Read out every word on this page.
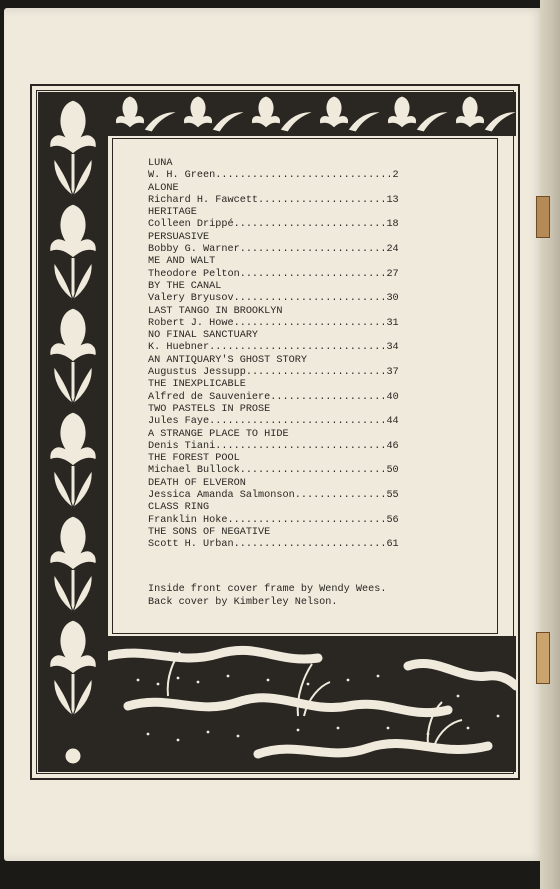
LUNA
W. H. Green.............................2
ALONE
Richard H. Fawcett.....................13
HERITAGE
Colleen Drippé.........................18
PERSUASIVE
Bobby G. Warner........................24
ME AND WALT
Theodore Pelton........................27
BY THE CANAL
Valery Bryusov.........................30
LAST TANGO IN BROOKLYN
Robert J. Howe.........................31
NO FINAL SANCTUARY
K. Huebner.............................34
AN ANTIQUARY'S GHOST STORY
Augustus Jessupp.......................37
THE INEXPLICABLE
Alfred de Sauveniere...................40
TWO PASTELS IN PROSE
Jules Faye.............................44
A STRANGE PLACE TO HIDE
Denis Tiani............................46
THE FOREST POOL
Michael Bullock........................50
DEATH OF ELVERON
Jessica Amanda Salmonson...............55
CLASS RING
Franklin Hoke..........................56
THE SONS OF NEGATIVE
Scott H. Urban.........................61
Inside front cover frame by Wendy Wees.
Back cover by Kimberley Nelson.
